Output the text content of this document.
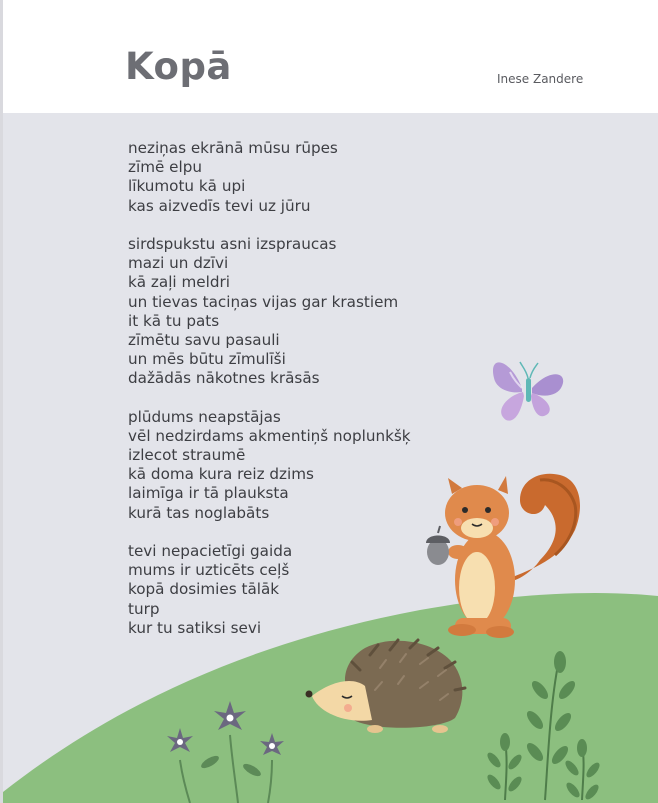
Kopā	Inese Zandere
neziņas ekrānā mūsu rūpes
zīmē elpu
līkumotu kā upi
kas aizvedīs tevi uz jūru
sirdspukstu asni izspraucas
mazi un dzīvi
kā zaļi meldri
un tievas taciņas vijas gar krastiem
it kā tu pats
zīmētu savu pasauli
un mēs būtu zīmulīši
dažādās nākotnes krāsās
plūdums neapstājas
vēl nedzirdams akmentiņš noplunkšķ
izlecot straumē
kā doma kura reiz dzims
laimīga ir tā plauksta
kurā tas noglabāts
tevi nepacietīgi gaida
mums ir uzticēts ceļš
kopā dosimies tālāk
turp
kur tu satiksi sevi
